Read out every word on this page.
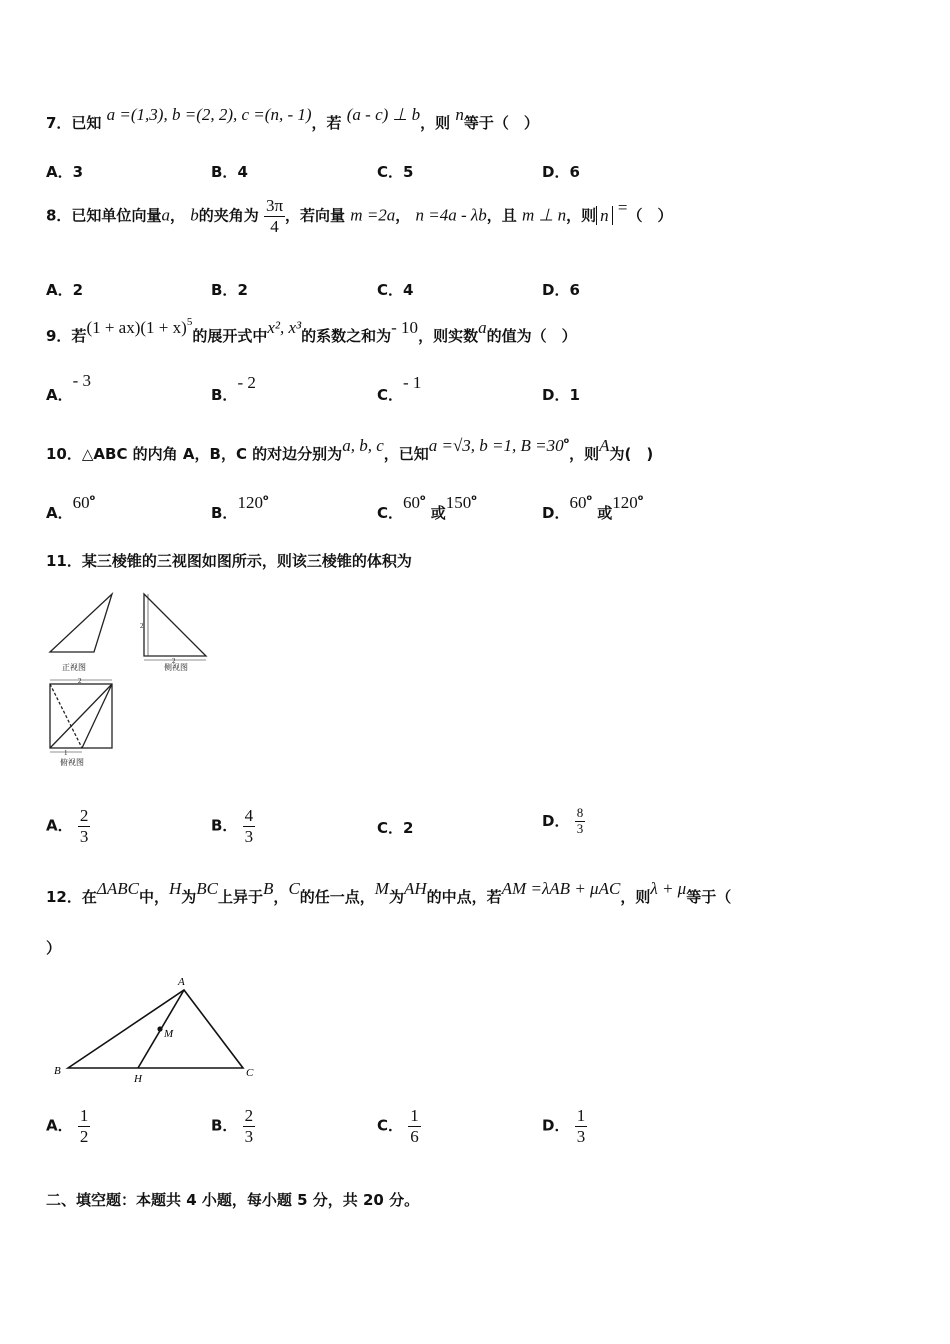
7．已知 a =(1,3), b =(2, 2), c =(n, - 1)，若 (a - c) ⊥ b，则 n等于（　）
A．3	B．4	C．5	D．6
8．已知单位向量a， b的夹角为 $\frac{3\pi}{4}$ ，若向量 m =2a， n =4a - λb，且 m ⊥ n，则 n =（　）
A．2	B．2	C．4	D．6
9．若$(1 + ax)(1 + x)^5$的展开式中x², x³的系数之和为- 10，则实数a的值为（　）
A．- 3
B．- 2
C．- 1
D．1
10．△ABC 的内角 A，B，C 的对边分别为a, b, c，已知a =√3, b =1, $B =30^o$，则A为(　)
A．60$^o$
B．120$^o$
C．60$^o$ 或150$^o$
D．60$^o$ 或120$^o$
11．某三棱锥的三视图如图所示，则该三棱锥的体积为
正视图
2
2
侧视图
2
1
俯视图
A． $\frac{2}{3}$	B． $\frac{4}{3}$	C．2	D． $\frac{8}{3}$
12．在ΔABC中，H为BC上异于B，C的任一点，M为AH的中点，若AM =λAB + μAC，则λ + μ等于（
）
A
B	C
H
M
A． $\frac{1}{2}$	B． $\frac{2}{3}$	C． $\frac{1}{6}$	D． $\frac{1}{3}$
二、填空题：本题共 4 小题，每小题 5 分，共 20 分。
